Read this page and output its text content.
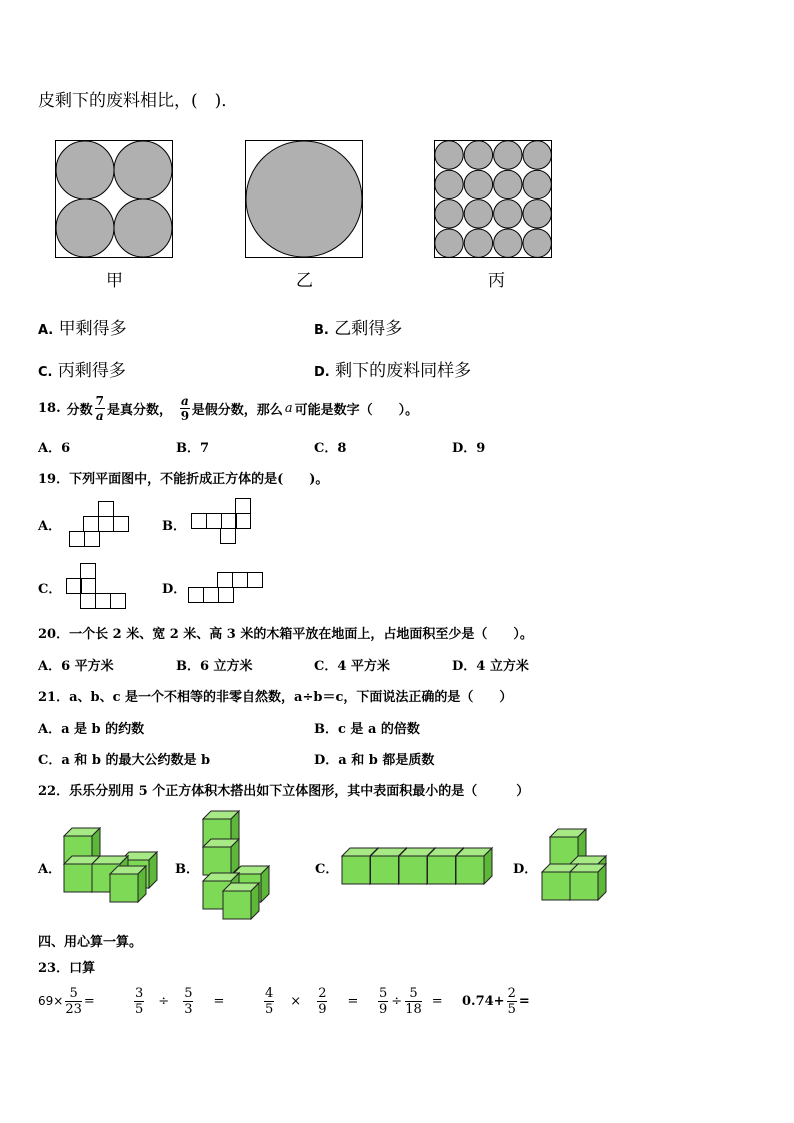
皮剩下的废料相比，(　)．
甲	乙	丙
A. 甲剩得多	B. 乙剩得多
C. 丙剩得多	D. 剩下的废料同样多
18. 分数 $\frac{7}{a}$ 是真分数， $\frac{a}{9}$ 是假分数，那么 a 可能是数字（　　）。
A．6	B．7	C．8	D．9
19．下列平面图中，不能折成正方体的是(　　)。
A．	B．
C．	D．
20．一个长 2 米、宽 2 米、高 3 米的木箱平放在地面上，占地面积至少是（　　）。
A．6 平方米	B．6 立方米	C．4 平方米	D．4 立方米
21．a、b、c 是一个不相等的非零自然数，a÷b＝c，下面说法正确的是（　　）
A．a 是 b 的约数	B．c 是 a 的倍数
C．a 和 b 的最大公约数是 b	D．a 和 b 都是质数
22．乐乐分别用 5 个正方体积木搭出如下立体图形，其中表面积最小的是（　　　）
A．	B．	C．	D．
四、用心算一算。
23．口算
$69\times \frac{5}{23}$ =	$\frac{3}{5} \div \frac{5}{3}$ =	$\frac{4}{5} \times \frac{2}{9} = \frac{5}{9} \div \frac{5}{18} = 0.74+ \frac{2}{5}$ =
